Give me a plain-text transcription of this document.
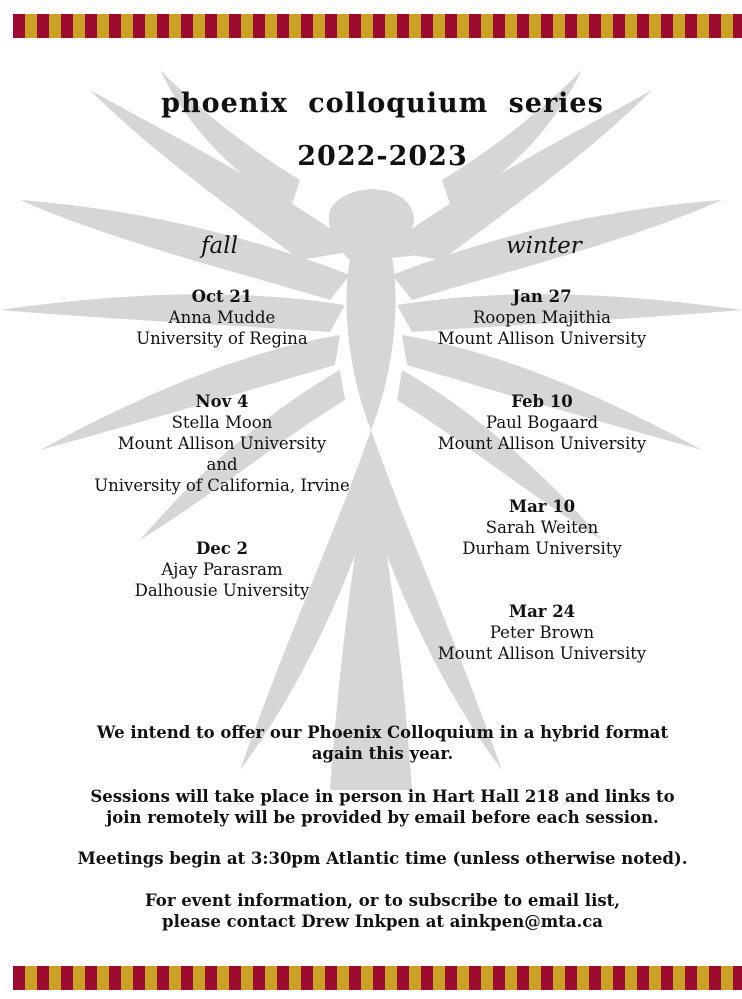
phoenix colloquium series
2022-2023
fall	winter
Oct 21
Anna Mudde
University of Regina
Nov 4
Stella Moon
Mount Allison University
and
University of California, Irvine
Dec 2
Ajay Parasram
Dalhousie University
Jan 27
Roopen Majithia
Mount Allison University
Feb 10
Paul Bogaard
Mount Allison University
Mar 10
Sarah Weiten
Durham University
Mar 24
Peter Brown
Mount Allison University
We intend to offer our Phoenix Colloquium in a hybrid format
again this year.
Sessions will take place in person in Hart Hall 218 and links to
join remotely will be provided by email before each session.
Meetings begin at 3:30pm Atlantic time (unless otherwise noted).
For event information, or to subscribe to email list,
please contact Drew Inkpen at ainkpen@mta.ca
